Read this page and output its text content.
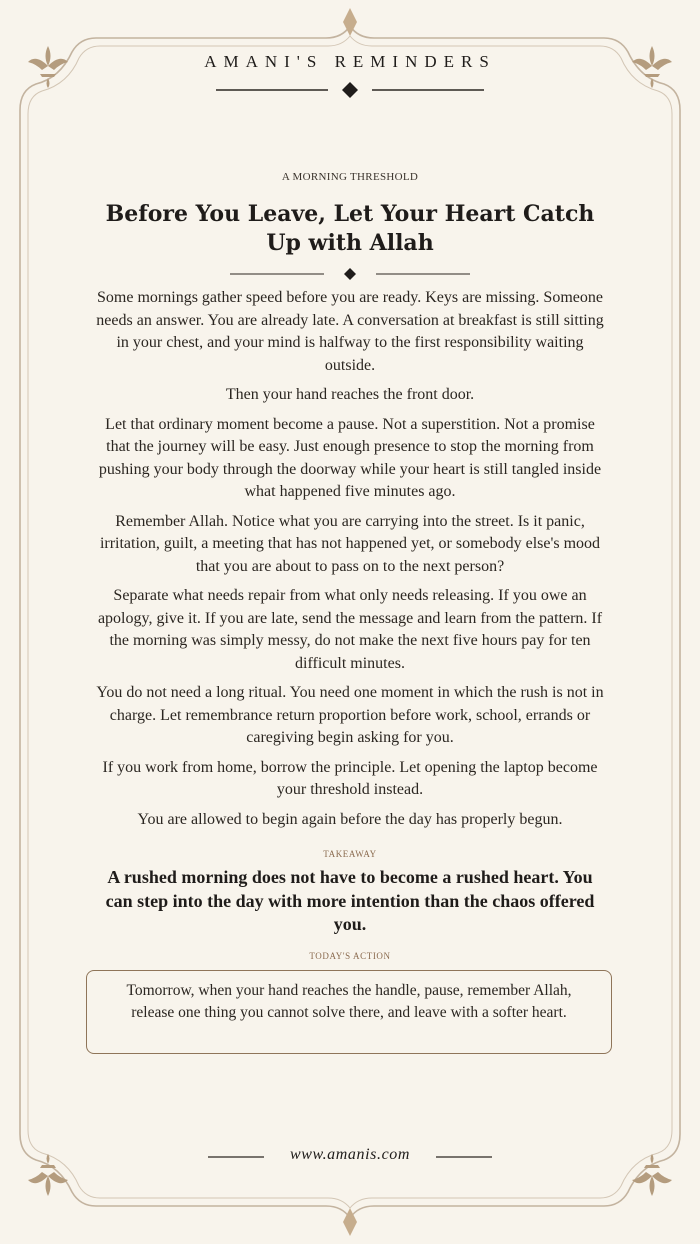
AMANI'S REMINDERS
A MORNING THRESHOLD
Before You Leave, Let Your Heart Catch Up with Allah

Some mornings gather speed before you are ready. Keys are missing. Someone needs an answer. You are already late. A conversation at breakfast is still sitting in your chest, and your mind is halfway to the first responsibility waiting outside.

Then your hand reaches the front door.

Let that ordinary moment become a pause. Not a superstition. Not a promise that the journey will be easy. Just enough presence to stop the morning from pushing your body through the doorway while your heart is still tangled inside what happened five minutes ago.

Remember Allah. Notice what you are carrying into the street. Is it panic, irritation, guilt, a meeting that has not happened yet, or somebody else's mood that you are about to pass on to the next person?

Separate what needs repair from what only needs releasing. If you owe an apology, give it. If you are late, send the message and learn from the pattern. If the morning was simply messy, do not make the next five hours pay for ten difficult minutes.

You do not need a long ritual. You need one moment in which the rush is not in charge. Let remembrance return proportion before work, school, errands or caregiving begin asking for you.

If you work from home, borrow the principle. Let opening the laptop become your threshold instead.

You are allowed to begin again before the day has properly begun.

TAKEAWAY
A rushed morning does not have to become a rushed heart. You can step into the day with more intention than the chaos offered you.
TODAY'S ACTION
Tomorrow, when your hand reaches the handle, pause, remember Allah, release one thing you cannot solve there, and leave with a softer heart.
www.amanis.com
